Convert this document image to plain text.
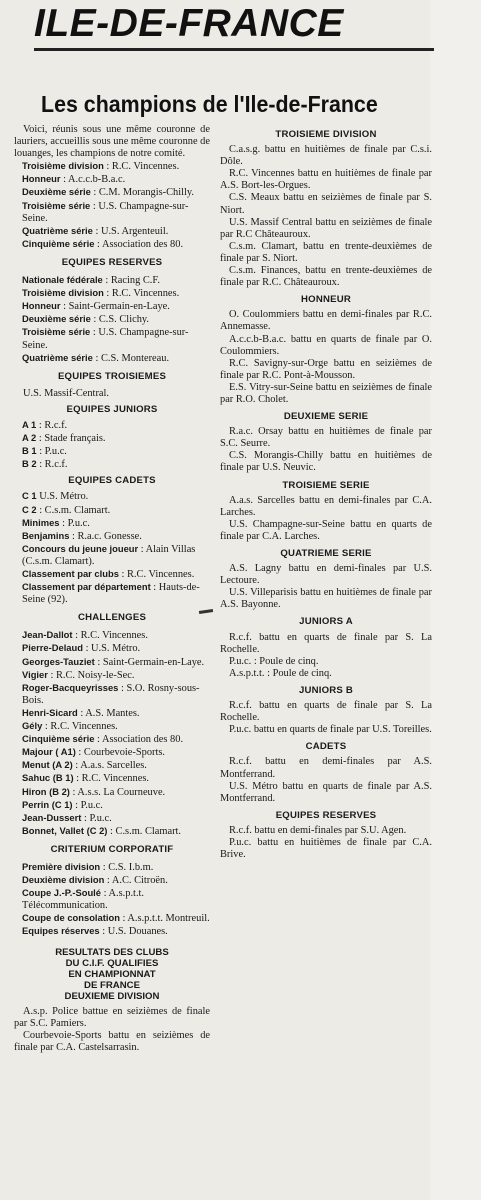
ILE-DE-FRANCE
Les champions de l'Ile-de-France

Voici, réunis sous une même couronne de lauriers, accueillis sous une même couronne de louanges, les champions de notre comité.

Troisième division : R.C. Vincennes.

Honneur : A.c.c.b-B.a.c.

Deuxième série : C.M. Morangis-Chilly.

Troisième série : U.S. Champagne-sur-Seine.

Quatrième série : U.S. Argenteuil.

Cinquième série : Association des 80.

EQUIPES RESERVES

Nationale fédérale : Racing C.F.

Troisième division : R.C. Vincennes.

Honneur : Saint-Germain-en-Laye.

Deuxième série : C.S. Clichy.

Troisième série : U.S. Champagne-sur-Seine.

Quatrième série : C.S. Montereau.

EQUIPES TROISIEMES

U.S. Massif-Central.

EQUIPES JUNIORS

A 1 : R.c.f.

A 2 : Stade français.

B 1 : P.u.c.

B 2 : R.c.f.

EQUIPES CADETS

C 1 U.S. Métro.

C 2 : C.s.m. Clamart.

Minimes : P.u.c.

Benjamins : R.a.c. Gonesse.

Concours du jeune joueur : Alain Villas (C.s.m. Clamart).

Classement par clubs : R.C. Vincennes.

Classement par département : Hauts-de-Seine (92).

CHALLENGES

Jean-Dallot : R.C. Vincennes.

Pierre-Delaud : U.S. Métro.

Georges-Tauziet : Saint-Germain-en-Laye.

Vigier : R.C. Noisy-le-Sec.

Roger-Bacqueyrisses : S.O. Rosny-sous-Bois.

Henri-Sicard : A.S. Mantes.

Gély : R.C. Vincennes.

Cinquième série : Association des 80.

Majour ( A1) : Courbevoie-Sports.

Menut (A 2) : A.a.s. Sarcelles.

Sahuc (B 1) : R.C. Vincennes.

Hiron (B 2) : A.s.s. La Courneuve.

Perrin (C 1) : P.u.c.

Jean-Dussert : P.u.c.

Bonnet, Vallet (C 2) : C.s.m. Clamart.

CRITERIUM CORPORATIF

Première division : C.S. I.b.m.

Deuxième division : A.C. Citroën.

Coupe J.-P.-Soulé : A.s.p.t.t. Télécommunication.

Coupe de consolation : A.s.p.t.t. Montreuil.

Equipes réserves : U.S. Douanes.

RESULTATS DES CLUBS
DU C.I.F. QUALIFIES
EN CHAMPIONNAT
DE FRANCE
DEUXIEME DIVISION

A.s.p. Police battue en seizièmes de finale par S.C. Pamiers.

Courbevoie-Sports battu en seizièmes de finale par C.A. Castelsarrasin.

TROISIEME DIVISION

C.a.s.g. battu en huitièmes de finale par C.s.i. Dôle.

R.C. Vincennes battu en huitièmes de finale par A.S. Bort-les-Orgues.

C.S. Meaux battu en seizièmes de finale par S. Niort.

U.S. Massif Central battu en seizièmes de finale par R.C Châteauroux.

C.s.m. Clamart, battu en trente-deuxièmes de finale par S. Niort.

C.s.m. Finances, battu en trente-deuxièmes de finale par R.C. Châteauroux.

HONNEUR

O. Coulommiers battu en demi-finales par R.C. Annemasse.

A.c.c.b-B.a.c. battu en quarts de finale par O. Coulommiers.

R.C. Savigny-sur-Orge battu en seizièmes de finale par R.C. Pont-à-Mousson.

E.S. Vitry-sur-Seine battu en seizièmes de finale par R.O. Cholet.

DEUXIEME SERIE

R.a.c. Orsay battu en huitièmes de finale par S.C. Seurre.

C.S. Morangis-Chilly battu en huitièmes de finale par U.S. Neuvic.

TROISIEME SERIE

A.a.s. Sarcelles battu en demi-finales par C.A. Larches.

U.S. Champagne-sur-Seine battu en quarts de finale par C.A. Larches.

QUATRIEME SERIE

A.S. Lagny battu en demi-finales par U.S. Lectoure.

U.S. Villeparisis battu en huitièmes de finale par A.S. Bayonne.

JUNIORS A

R.c.f. battu en quarts de finale par S. La Rochelle.

P.u.c. : Poule de cinq.

A.s.p.t.t. : Poule de cinq.

JUNIORS B

R.c.f. battu en quarts de finale par S. La Rochelle.

P.u.c. battu en quarts de finale par U.S. Toreilles.

CADETS

R.c.f. battu en demi-finales par A.S. Montferrand.

U.S. Métro battu en quarts de finale par A.S. Montferrand.

EQUIPES RESERVES

R.c.f. battu en demi-finales par S.U. Agen.

P.u.c. battu en huitièmes de finale par C.A. Brive.
